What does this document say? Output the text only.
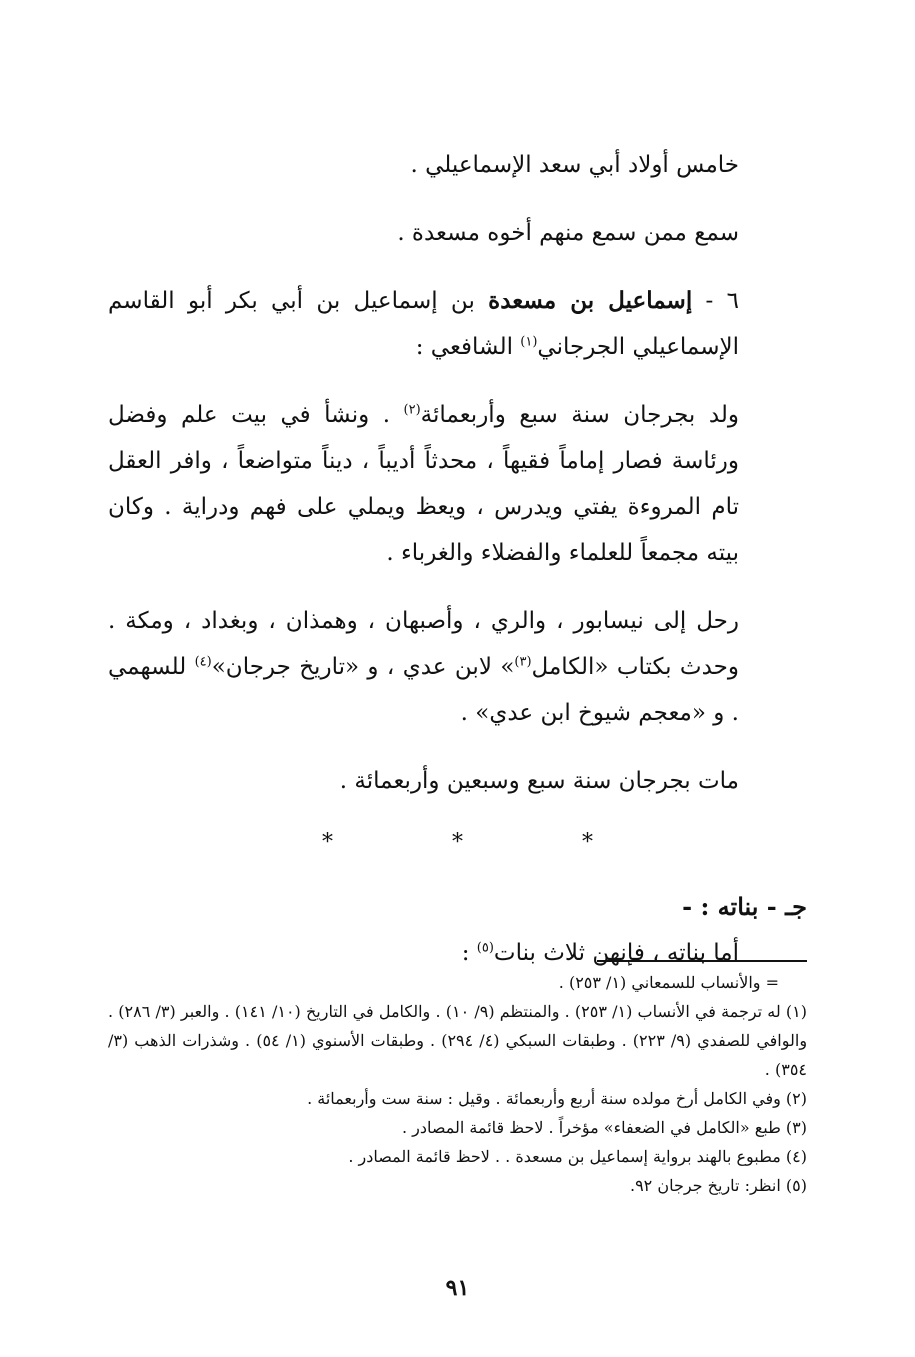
خامس أولاد أبي سعد الإسماعيلي .

سمع ممن سمع منهم أخوه مسعدة .

٦ - إسماعيل بن مسعدة بن إسماعيل بن أبي بكر أبو القاسم الإسماعيلي الجرجاني$^{(١)}$ الشافعي :

ولد بجرجان سنة سبع وأربعمائة$^{(٢)}$ . ونشأ في بيت علم وفضل ورئاسة فصار إماماً فقيهاً ، محدثاً أديباً ، ديناً متواضعاً ، وافر العقل تام المروءة يفتي ويدرس ، ويعظ ويملي على فهم ودراية . وكان بيته مجمعاً للعلماء والفضلاء والغرباء .

رحل إلى نيسابور ، والري ، وأصبهان ، وهمذان ، وبغداد ، ومكة . وحدث بكتاب «الكامل$^{(٣)}$» لابن عدي ، و «تاريخ جرجان»$^{(٤)}$ للسهمي . و «معجم شيوخ ابن عدي» .

مات بجرجان سنة سبع وسبعين وأربعمائة .

* * *

جـ - بناته : -

أما بناته ، فإنهن ثلاث بنات$^{(٥)}$ :

= والأنساب للسمعاني (١/ ٢٥٣) .

(١) له ترجمة في الأنساب (١/ ٢٥٣) . والمنتظم (٩/ ١٠) . والكامل في التاريخ (١٠/ ١٤١) . والعبر (٣/ ٢٨٦) . والوافي للصفدي (٩/ ٢٢٣) . وطبقات السبكي (٤/ ٢٩٤) . وطبقات الأسنوي (١/ ٥٤) . وشذرات الذهب (٣/ ٣٥٤) .

(٢) وفي الكامل أرخ مولده سنة أربع وأربعمائة . وقيل : سنة ست وأربعمائة .

(٣) طبع «الكامل في الضعفاء» مؤخراً . لاحظ قائمة المصادر .

(٤) مطبوع بالهند برواية إسماعيل بن مسعدة . . لاحظ قائمة المصادر .

(٥) انظر: تاريخ جرجان ٩٢.

٩١
